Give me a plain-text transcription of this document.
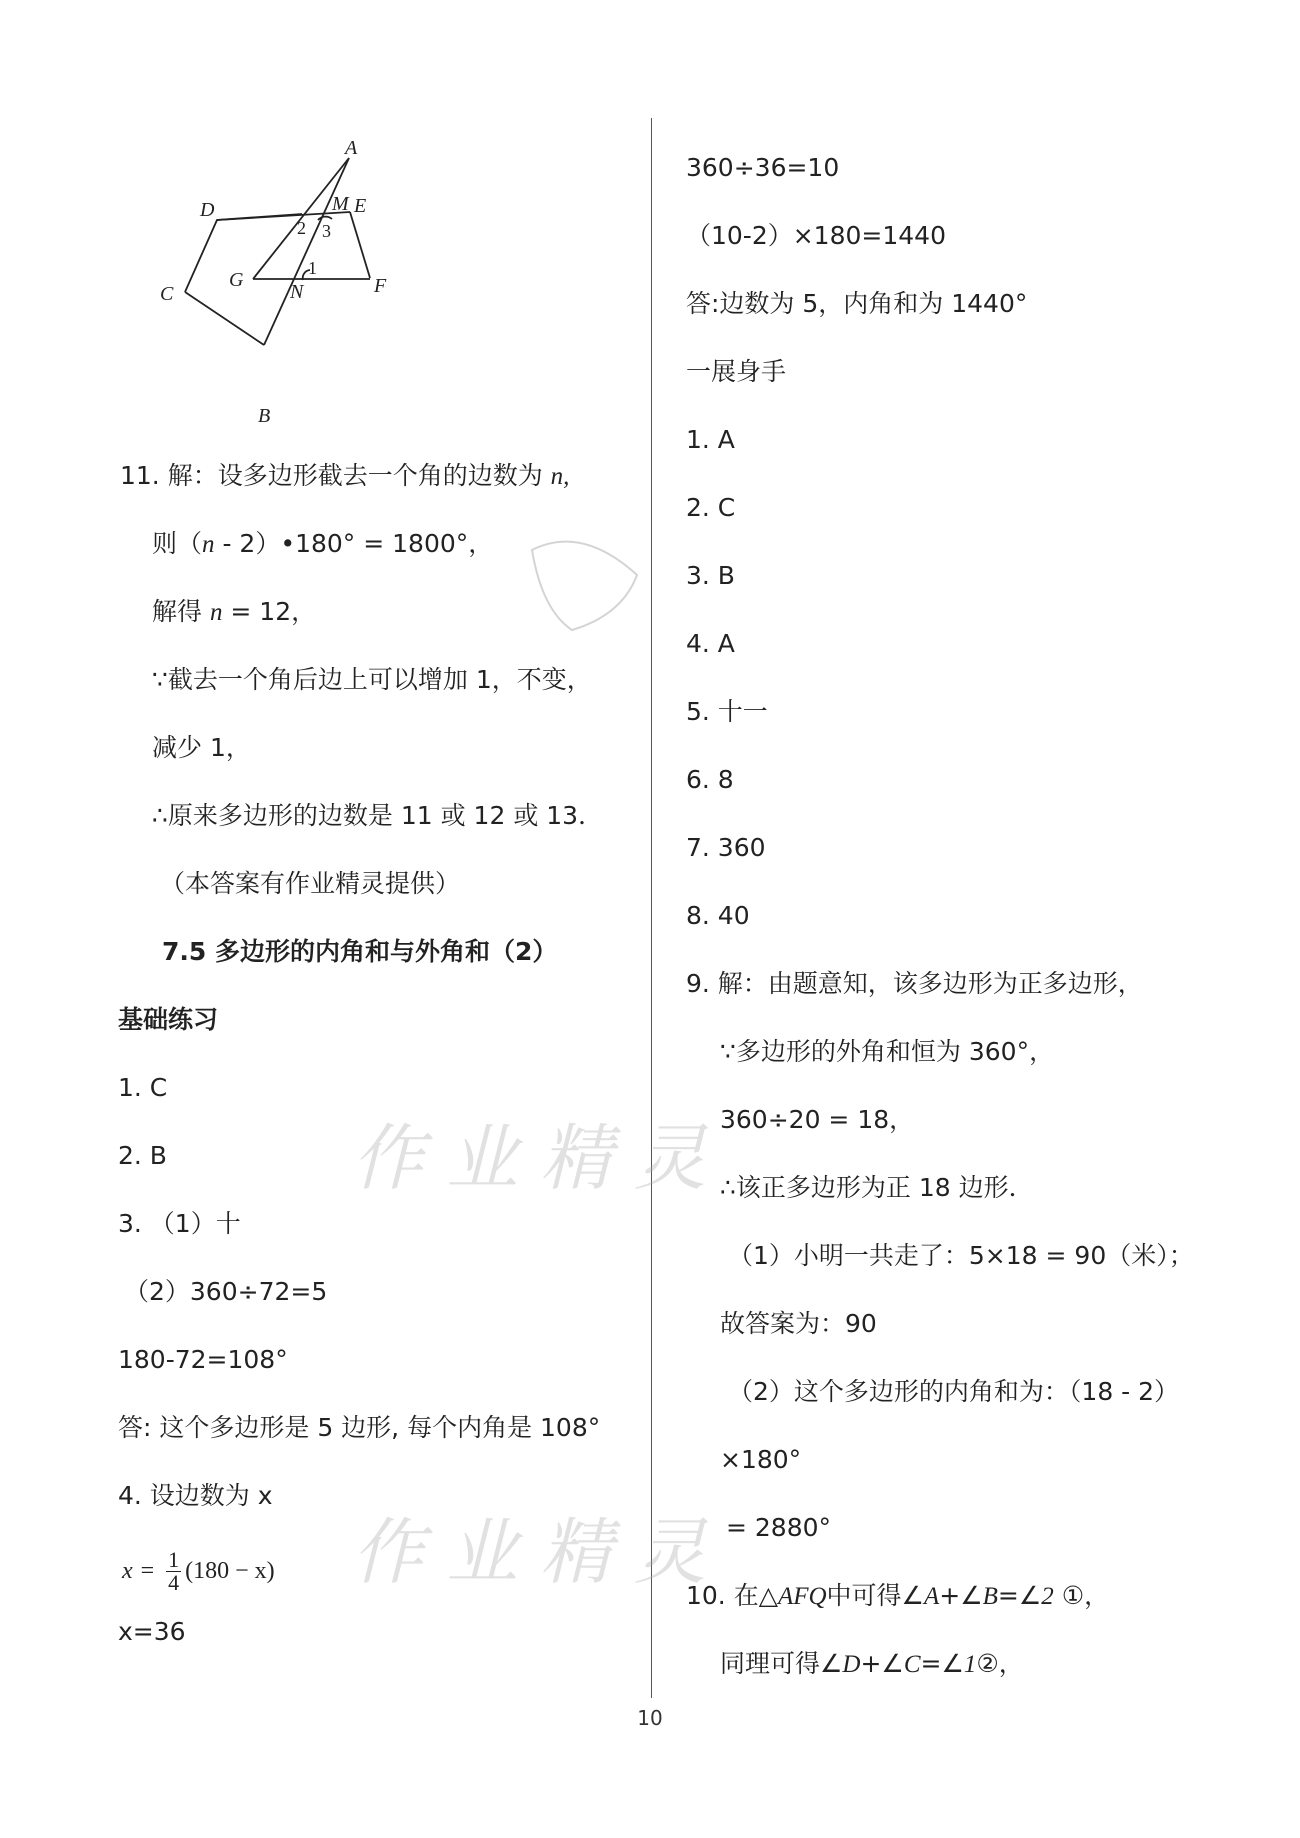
A
B
C
D	E
F
G
M
N
1
2 3
11. 解：设多边形截去一个角的边数为 n,
则（n - 2）•180° = 1800°，
解得 n = 12，
∵截去一个角后边上可以增加 1，不变，
减少 1，
∴原来多边形的边数是 11 或 12 或 13．
（本答案有作业精灵提供）
7.5 多边形的内角和与外角和（2）
基础练习
1. C
2. B
3. （1）十
（2）360÷72=5
180-72=108°
答: 这个多边形是 5 边形, 每个内角是 108°
4. 设边数为 x
$x = \frac{1}{4} (180 - x)$
x=36
360÷36=10
（10-2）×180=1440
答:边数为 5，内角和为 1440°
一展身手
1. A
2. C
3. B
4. A
5. 十一
6. 8
7. 360
8. 40
9. 解：由题意知，该多边形为正多边形，
∵多边形的外角和恒为 360°，
360÷20 = 18，
∴该正多边形为正 18 边形．
（1）小明一共走了：5×18 = 90（米）；
故答案为：90
（2）这个多边形的内角和为：（18 - 2）
×180°
= 2880°
10. 在△AFQ中可得∠A+∠B=∠2 ①，
同理可得∠D+∠C=∠1②，
作业精灵
作业精灵
10
